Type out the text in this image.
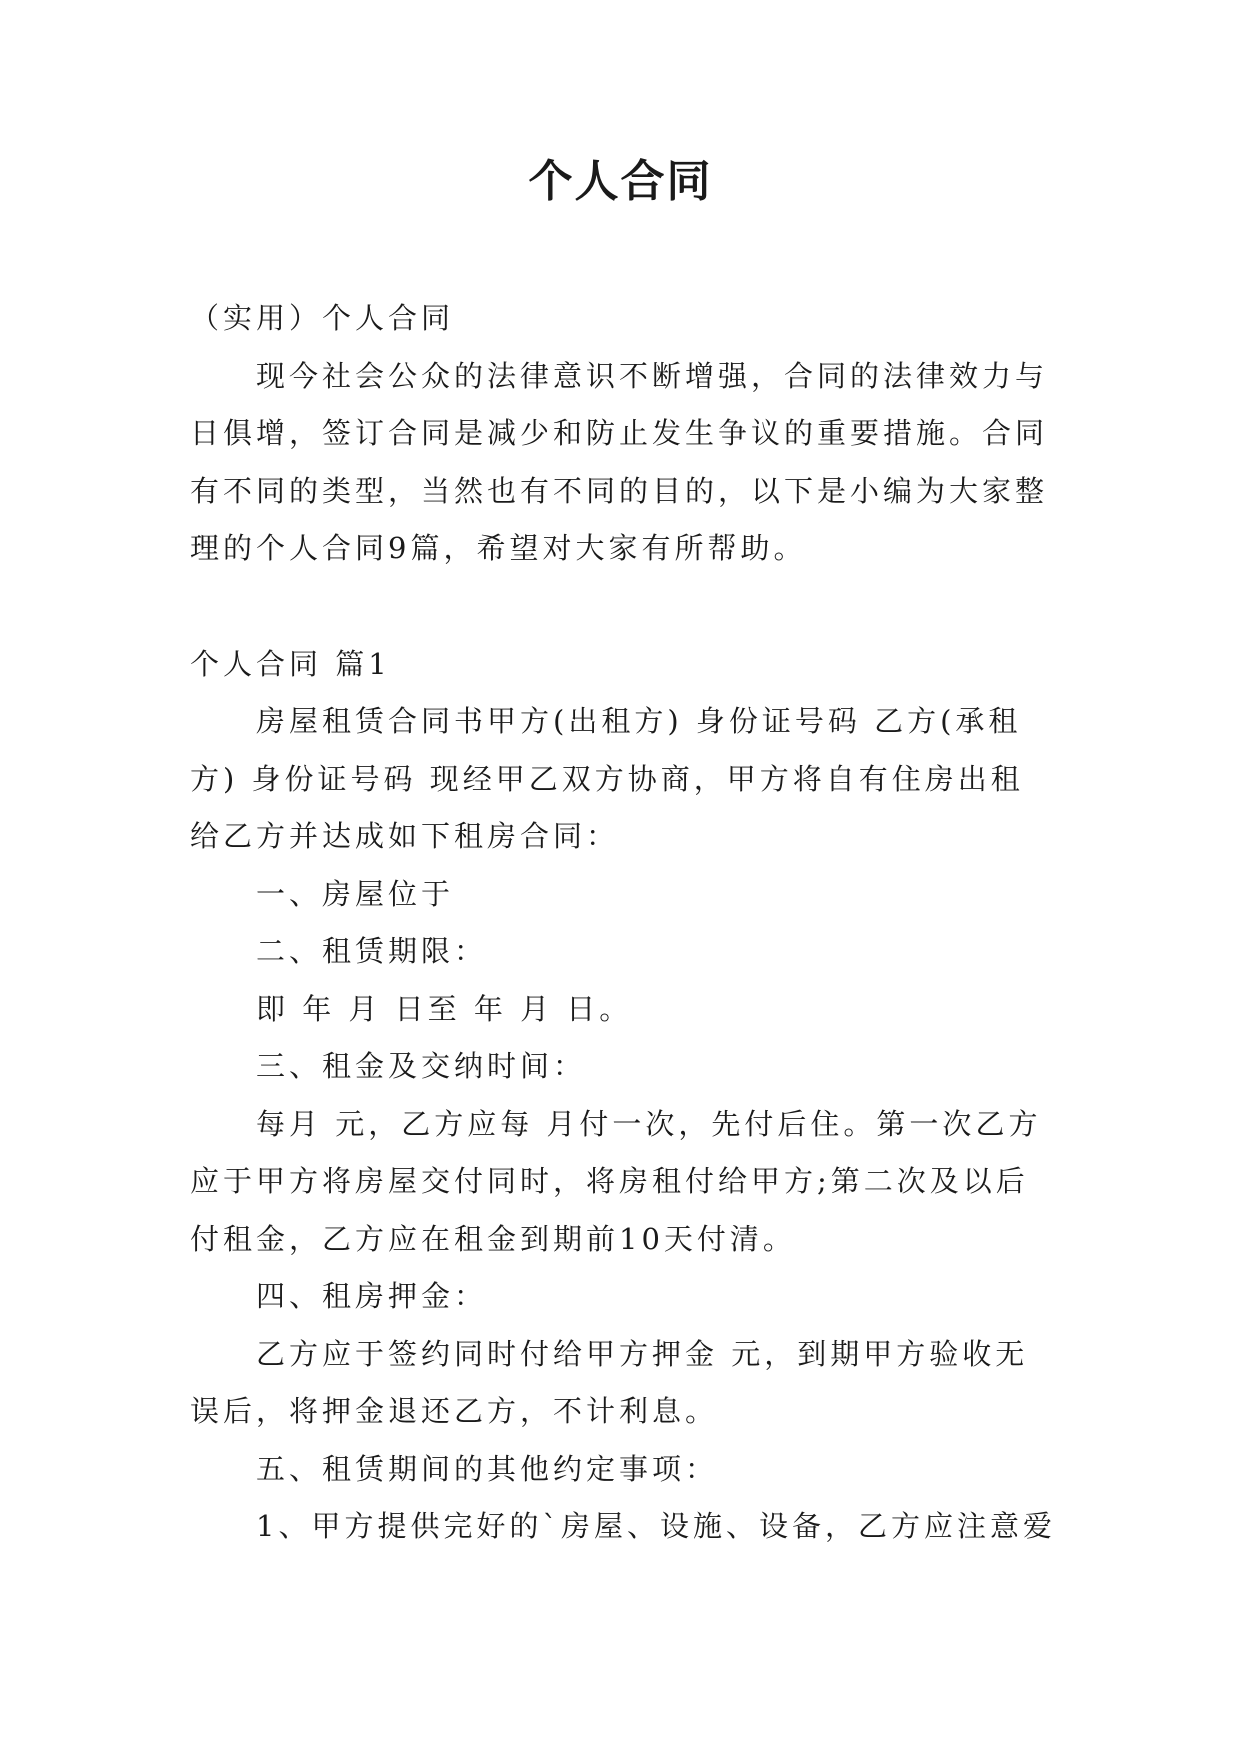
个人合同
（实用）个人合同
现今社会公众的法律意识不断增强，合同的法律效力与
日俱增，签订合同是减少和防止发生争议的重要措施。合同
有不同的类型，当然也有不同的目的，以下是小编为大家整
理的个人合同9篇，希望对大家有所帮助。
个人合同 篇1
房屋租赁合同书甲方(出租方) 身份证号码 乙方(承租
方) 身份证号码 现经甲乙双方协商，甲方将自有住房出租
给乙方并达成如下租房合同：
一、房屋位于
二、租赁期限：
即 年 月 日至 年 月 日。
三、租金及交纳时间：
每月 元，乙方应每 月付一次，先付后住。第一次乙方
应于甲方将房屋交付同时，将房租付给甲方;第二次及以后
付租金，乙方应在租金到期前10天付清。
四、租房押金：
乙方应于签约同时付给甲方押金 元，到期甲方验收无
误后，将押金退还乙方，不计利息。
五、租赁期间的其他约定事项：
1、甲方提供完好的`房屋、设施、设备，乙方应注意爱
